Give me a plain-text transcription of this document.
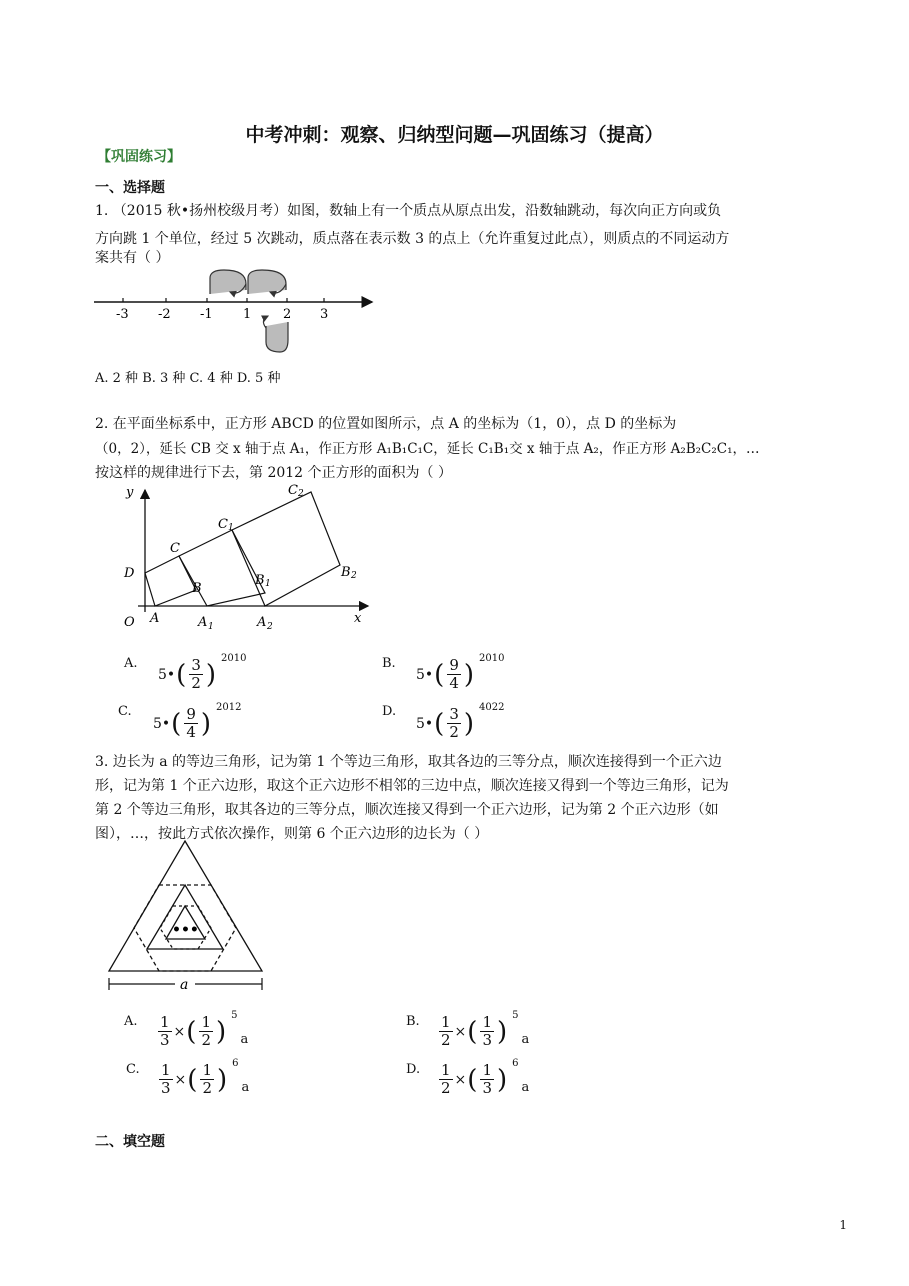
中考冲刺：观察、归纳型问题—巩固练习（提高）
【巩固练习】
一、选择题
1. （2015 秋•扬州校级月考）如图，数轴上有一个质点从原点出发，沿数轴跳动，每次向正方向或负
方向跳 1 个单位，经过 5 次跳动，质点落在表示数 3 的点上（允许重复过此点），则质点的不同运动方
案共有（ ）
-3 -2 -1 1 2 3
A. 2 种 B. 3 种 C. 4 种 D. 5 种
2. 在平面坐标系中，正方形 ABCD 的位置如图所示，点 A 的坐标为（1，0），点 D 的坐标为
（0，2），延长 CB 交 x 轴于点 A₁，作正方形 A₁B₁C₁C，延长 C₁B₁交 x 轴于点 A₂，作正方形 A₂B₂C₂C₁，…
按这样的规律进行下去，第 2012 个正方形的面积为（ ）
y
x
O A	A 1	A 2
B
B 1
B 2
C
C 1
C 2
D
A.
5• ( $\frac{3}{2}$ )
2010	B.
5• ( $\frac{9}{4}$ )
2010
C.
5• ( $\frac{9}{4}$ )
2012	D.
5• ( $\frac{3}{2}$ )
4022
3. 边长为 a 的等边三角形，记为第 1 个等边三角形，取其各边的三等分点，顺次连接得到一个正六边
形，记为第 1 个正六边形，取这个正六边形不相邻的三边中点，顺次连接又得到一个等边三角形，记为
第 2 个等边三角形，取其各边的三等分点，顺次连接又得到一个正六边形，记为第 2 个正六边形（如
图），…，按此方式依次操作，则第 6 个正六边形的边长为（ ）
•••
a
A. $\frac{1}{3}$ × ( $\frac{1}{2}$ )
5
a
B. $\frac{1}{2}$ × ( $\frac{1}{3}$ )
5
a
C. $\frac{1}{3}$ × ( $\frac{1}{2}$ )
6
a
D. $\frac{1}{2}$ × ( $\frac{1}{3}$ )
6
a
二、填空题
1
